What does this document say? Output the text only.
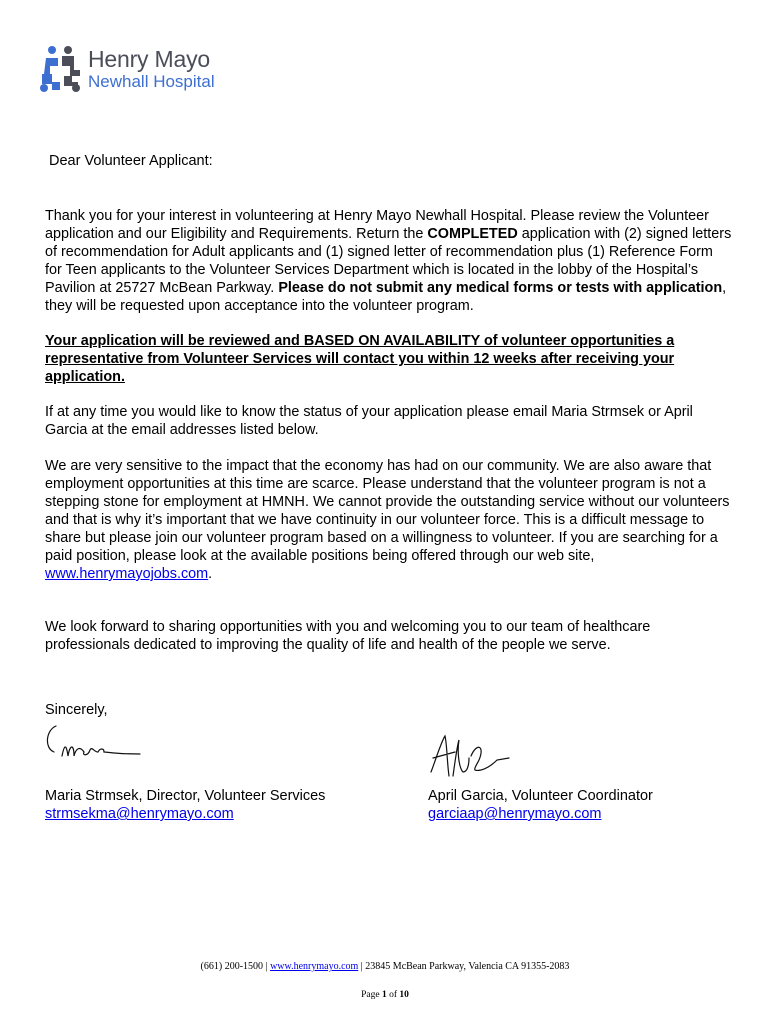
Henry Mayo
Newhall Hospital
Dear Volunteer Applicant:
Thank you for your interest in volunteering at Henry Mayo Newhall Hospital. Please review the Volunteer application and our Eligibility and Requirements. Return the COMPLETED application with (2) signed letters of recommendation for Adult applicants and (1) signed letter of recommendation plus (1) Reference Form for Teen applicants to the Volunteer Services Department which is located in the lobby of the Hospital’s Pavilion at 25727 McBean Parkway. Please do not submit any medical forms or tests with application, they will be requested upon acceptance into the volunteer program.
Your application will be reviewed and BASED ON AVAILABILITY of volunteer opportunities a representative from Volunteer Services will contact you within 12 weeks after receiving your application.
If at any time you would like to know the status of your application please email Maria Strmsek or April Garcia at the email addresses listed below.
We are very sensitive to the impact that the economy has had on our community. We are also aware that employment opportunities at this time are scarce. Please understand that the volunteer program is not a stepping stone for employment at HMNH. We cannot provide the outstanding service without our volunteers and that is why it’s important that we have continuity in our volunteer force. This is a difficult message to share but please join our volunteer program based on a willingness to volunteer. If you are searching for a paid position, please look at the available positions being offered through our web site, www.henrymayojobs.com.
We look forward to sharing opportunities with you and welcoming you to our team of healthcare professionals dedicated to improving the quality of life and health of the people we serve.
Sincerely,
Maria Strmsek, Director, Volunteer Services
strmsekma@henrymayo.com
April Garcia, Volunteer Coordinator
garciaap@henrymayo.com
(661) 200-1500 | www.henrymayo.com | 23845 McBean Parkway, Valencia CA 91355-2083
Page 1 of 10
